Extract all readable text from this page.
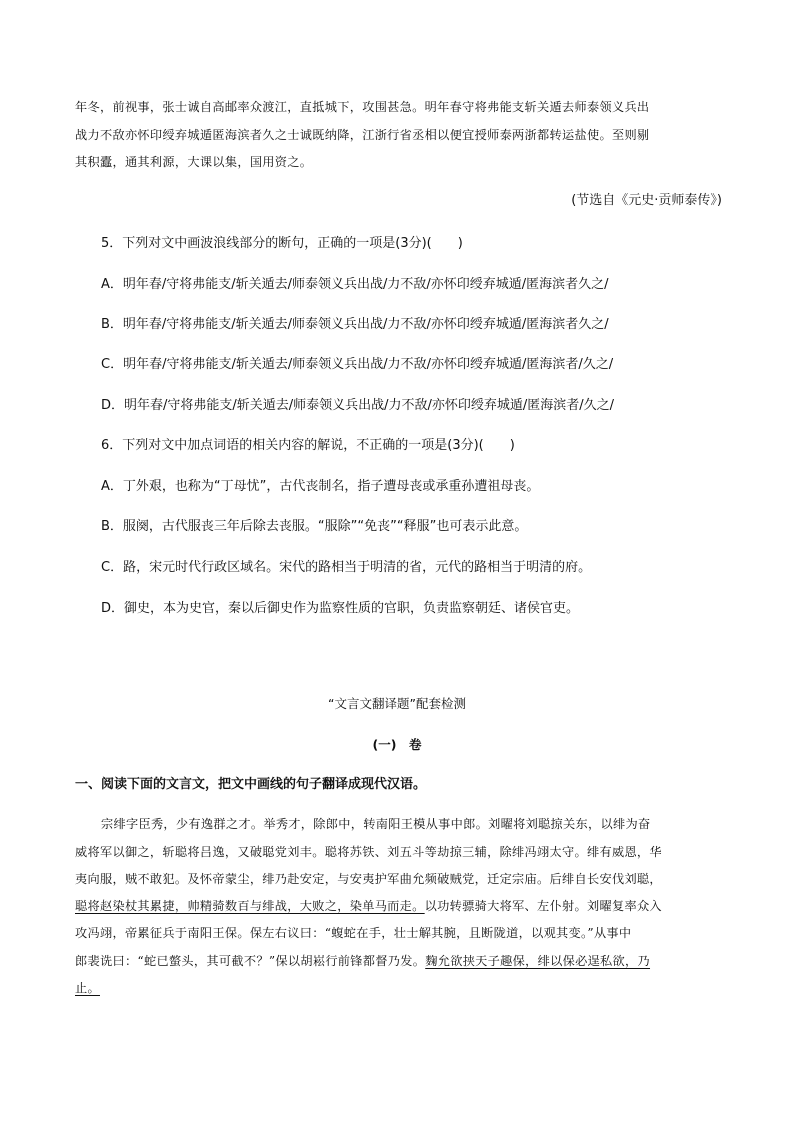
年冬，前视事，张士诚自高邮率众渡江，直抵城下，攻围甚急。明年春守将弗能支斩关遁去师泰领义兵出
战力不敌亦怀印绶弃城遁匿海滨者久之士诚既纳降，江浙行省丞相以便宜授师泰两浙都转运盐使。至则剔
其积蠹，通其利源，大课以集，国用资之。
(节选自《元史·贡师泰传》)
5．下列对文中画波浪线部分的断句，正确的一项是(3分)(　　)
A．明年春/守将弗能支/斩关遁去/师泰领义兵出战/力不敌/亦怀印绶弃城遁/匿海滨者久之/
B．明年春/守将弗能支/斩关遁去/师泰领义兵出战/力不敌/亦怀印绶弃城遁/匿海滨者久之/
C．明年春/守将弗能支/斩关遁去/师泰领义兵出战/力不敌/亦怀印绶弃城遁/匿海滨者/久之/
D．明年春/守将弗能支/斩关遁去/师泰领义兵出战/力不敌/亦怀印绶弃城遁/匿海滨者/久之/
6．下列对文中加点词语的相关内容的解说，不正确的一项是(3分)(　　)
A．丁外艰，也称为“丁母忧”，古代丧制名，指子遭母丧或承重孙遭祖母丧。
B．服阕，古代服丧三年后除去丧服。“服除”“免丧”“释服”也可表示此意。
C．路，宋元时代行政区域名。宋代的路相当于明清的省，元代的路相当于明清的府。
D．御史，本为史官，秦以后御史作为监察性质的官职，负责监察朝廷、诸侯官吏。
“文言文翻译题”配套检测
(一)　卷
一、阅读下面的文言文，把文中画线的句子翻译成现代汉语。
宗绯字臣秀，少有逸群之才。举秀才，除郎中，转南阳王模从事中郎。刘曜将刘聪掠关东，以绯为奋
威将军以御之，斩聪将吕逸，又破聪党刘丰。聪将苏铁、刘五斗等劫掠三辅，除绯冯翊太守。绯有威恩，华
夷向服，贼不敢犯。及怀帝蒙尘，绯乃赴安定，与安夷护军曲允频破贼党，迁定宗庙。后绯自长安伐刘聪，
聪将赵染杖其累捷，帅精骑数百与绯战，大败之，染单马而走。以功转骠骑大将军、左仆射。刘曜复率众入
攻冯翊，帝累征兵于南阳王保。保左右议曰：“蝮蛇在手，壮士解其腕，且断陇道，以观其变。”从事中
郎裴诜曰：“蛇已螫头，其可截不？”保以胡崧行前锋都督乃发。麴允欲挟天子趣保，绯以保必逞私欲，乃
止。
